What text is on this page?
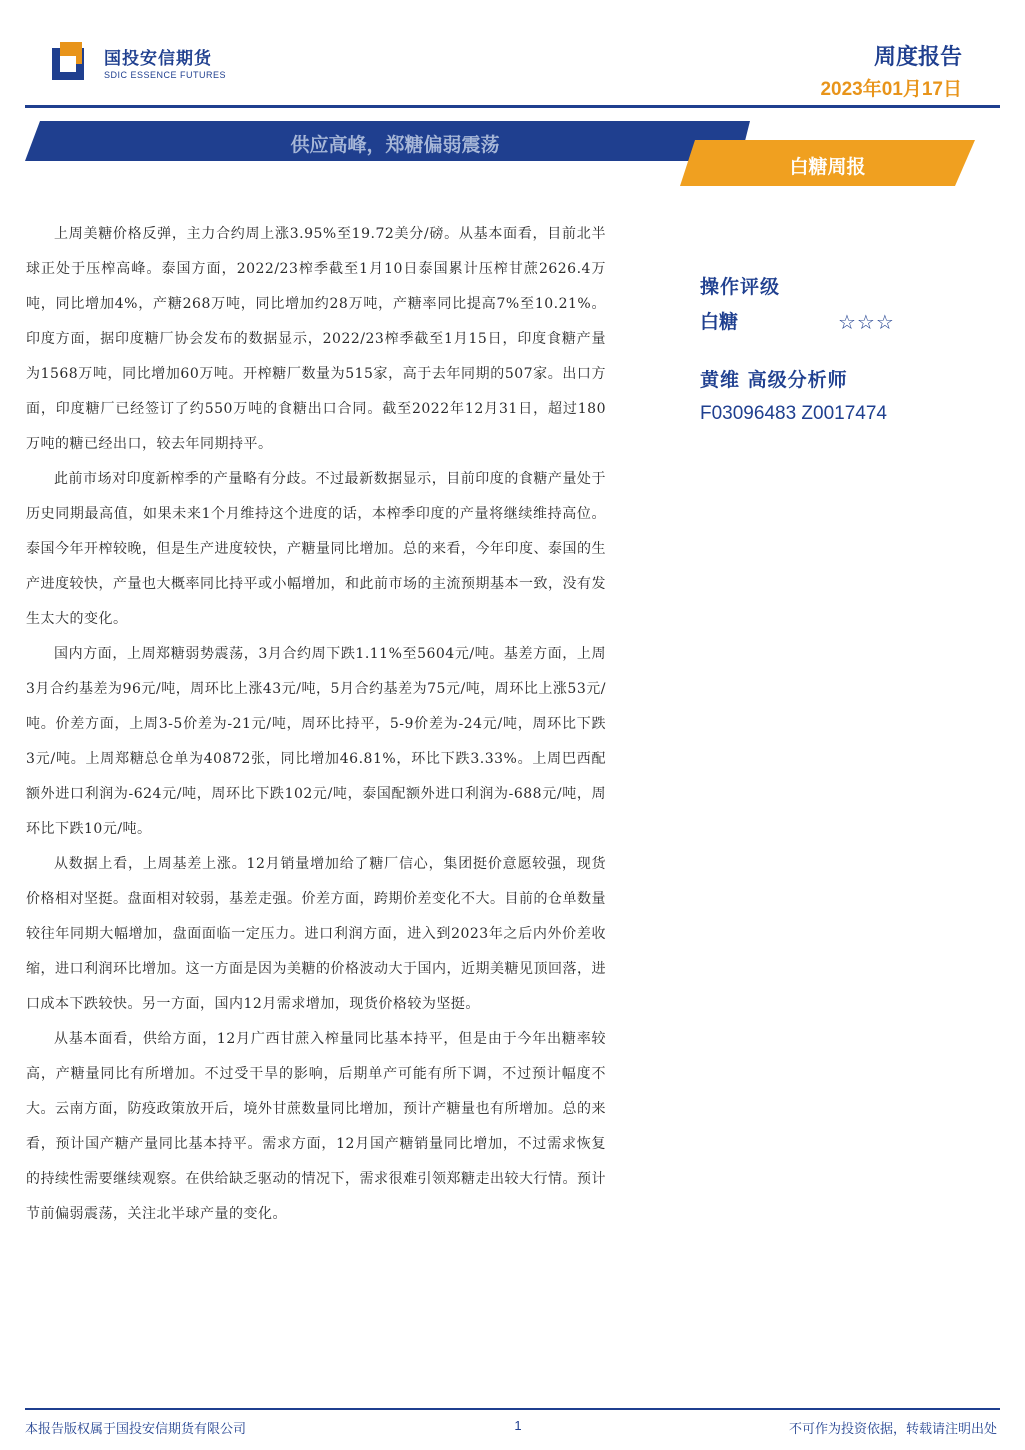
国投安信期货
SDIC ESSENCE FUTURES
周度报告
2023年01月17日
供应高峰，郑糖偏弱震荡
白糖周报

上周美糖价格反弹，主力合约周上涨3.95%至19.72美分/磅。从基本面看，目前北半球正处于压榨高峰。泰国方面，2022/23榨季截至1月10日泰国累计压榨甘蔗2626.4万吨，同比增加4%，产糖268万吨，同比增加约28万吨，产糖率同比提高7%至10.21%。印度方面，据印度糖厂协会发布的数据显示，2022/23榨季截至1月15日，印度食糖产量为1568万吨，同比增加60万吨。开榨糖厂数量为515家，高于去年同期的507家。出口方面，印度糖厂已经签订了约550万吨的食糖出口合同。截至2022年12月31日，超过180万吨的糖已经出口，较去年同期持平。

此前市场对印度新榨季的产量略有分歧。不过最新数据显示，目前印度的食糖产量处于历史同期最高值，如果未来1个月维持这个进度的话，本榨季印度的产量将继续维持高位。泰国今年开榨较晚，但是生产进度较快，产糖量同比增加。总的来看，今年印度、泰国的生产进度较快，产量也大概率同比持平或小幅增加，和此前市场的主流预期基本一致，没有发生太大的变化。

国内方面，上周郑糖弱势震荡，3月合约周下跌1.11%至5604元/吨。基差方面，上周3月合约基差为96元/吨，周环比上涨43元/吨，5月合约基差为75元/吨，周环比上涨53元/吨。价差方面，上周3-5价差为-21元/吨，周环比持平，5-9价差为-24元/吨，周环比下跌3元/吨。上周郑糖总仓单为40872张，同比增加46.81%，环比下跌3.33%。上周巴西配额外进口利润为-624元/吨，周环比下跌102元/吨，泰国配额外进口利润为-688元/吨，周环比下跌10元/吨。

从数据上看，上周基差上涨。12月销量增加给了糖厂信心，集团挺价意愿较强，现货价格相对坚挺。盘面相对较弱，基差走强。价差方面，跨期价差变化不大。目前的仓单数量较往年同期大幅增加，盘面面临一定压力。进口利润方面，进入到2023年之后内外价差收缩，进口利润环比增加。这一方面是因为美糖的价格波动大于国内，近期美糖见顶回落，进口成本下跌较快。另一方面，国内12月需求增加，现货价格较为坚挺。

从基本面看，供给方面，12月广西甘蔗入榨量同比基本持平，但是由于今年出糖率较高，产糖量同比有所增加。不过受干旱的影响，后期单产可能有所下调，不过预计幅度不大。云南方面，防疫政策放开后，境外甘蔗数量同比增加，预计产糖量也有所增加。总的来看，预计国产糖产量同比基本持平。需求方面，12月国产糖销量同比增加，不过需求恢复的持续性需要继续观察。在供给缺乏驱动的情况下，需求很难引领郑糖走出较大行情。预计节前偏弱震荡，关注北半球产量的变化。

操作评级
白糖	☆☆☆
黄维 高级分析师
F03096483 Z0017474
本报告版权属于国投安信期货有限公司	1	不可作为投资依据，转载请注明出处
